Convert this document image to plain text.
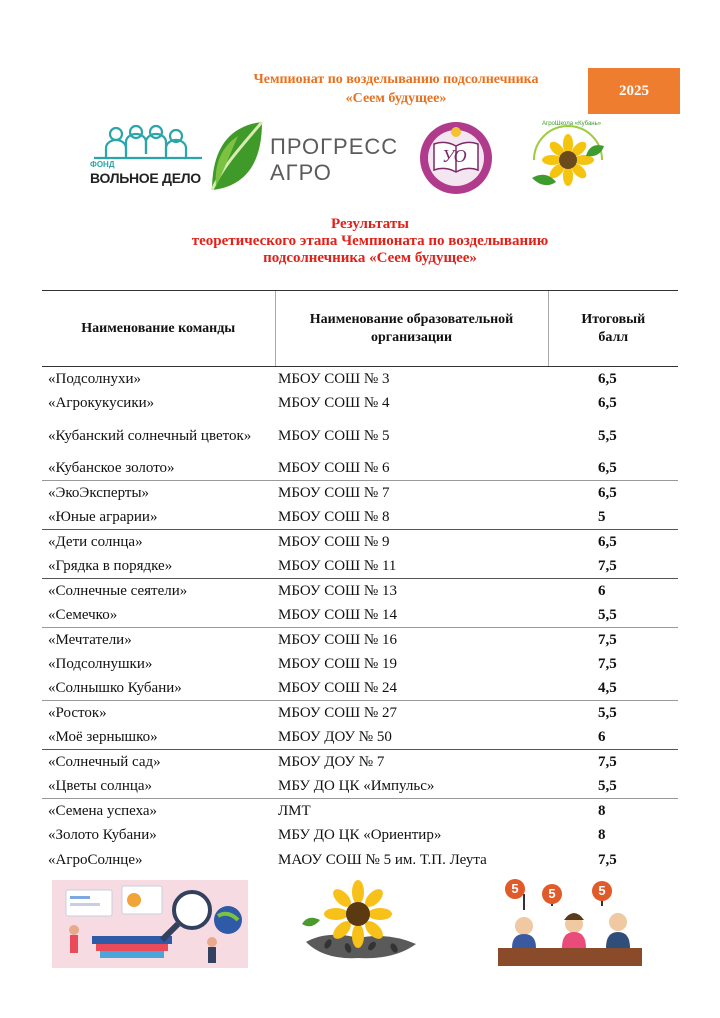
Чемпионат по возделыванию подсолнечника
«Сеем будущее»	2025
ФОНД
ВОЛЬНОЕ ДЕЛО
ПРОГРЕСС
АГРО
УО
АгроШкола «Кубань»
Результаты
теоретического этапа Чемпионата по возделыванию
подсолнечника «Сеем будущее»
Наименование команды	Наименование образовательной организации	Итоговый балл
«Подсолнухи»	МБОУ СОШ № 3	6,5
«Агрокукусики»	МБОУ СОШ № 4	6,5
«Кубанский солнечный цветок»	МБОУ СОШ № 5	5,5
«Кубанское золото»	МБОУ СОШ № 6	6,5
«ЭкоЭксперты»	МБОУ СОШ № 7	6,5
«Юные аграрии»	МБОУ СОШ № 8	5
«Дети солнца»	МБОУ СОШ № 9	6,5
«Грядка в порядке»	МБОУ СОШ № 11	7,5
«Солнечные сеятели»	МБОУ СОШ № 13	6
«Семечко»	МБОУ СОШ № 14	5,5
«Мечтатели»	МБОУ СОШ № 16	7,5
«Подсолнушки»	МБОУ СОШ № 19	7,5
«Солнышко Кубани»	МБОУ СОШ № 24	4,5
«Росток»	МБОУ СОШ № 27	5,5
«Моё зернышко»	МБОУ ДОУ № 50	6
«Солнечный сад»	МБОУ ДОУ № 7	7,5
«Цветы солнца»	МБУ ДО ЦК «Импульс»	5,5
«Семена успеха»	ЛМТ	8
«Золото Кубани»	МБУ ДО ЦК «Ориентир»	8
«АгроСолнце»	МАОУ СОШ № 5 им. Т.П. Леута	7,5
5	5	5
